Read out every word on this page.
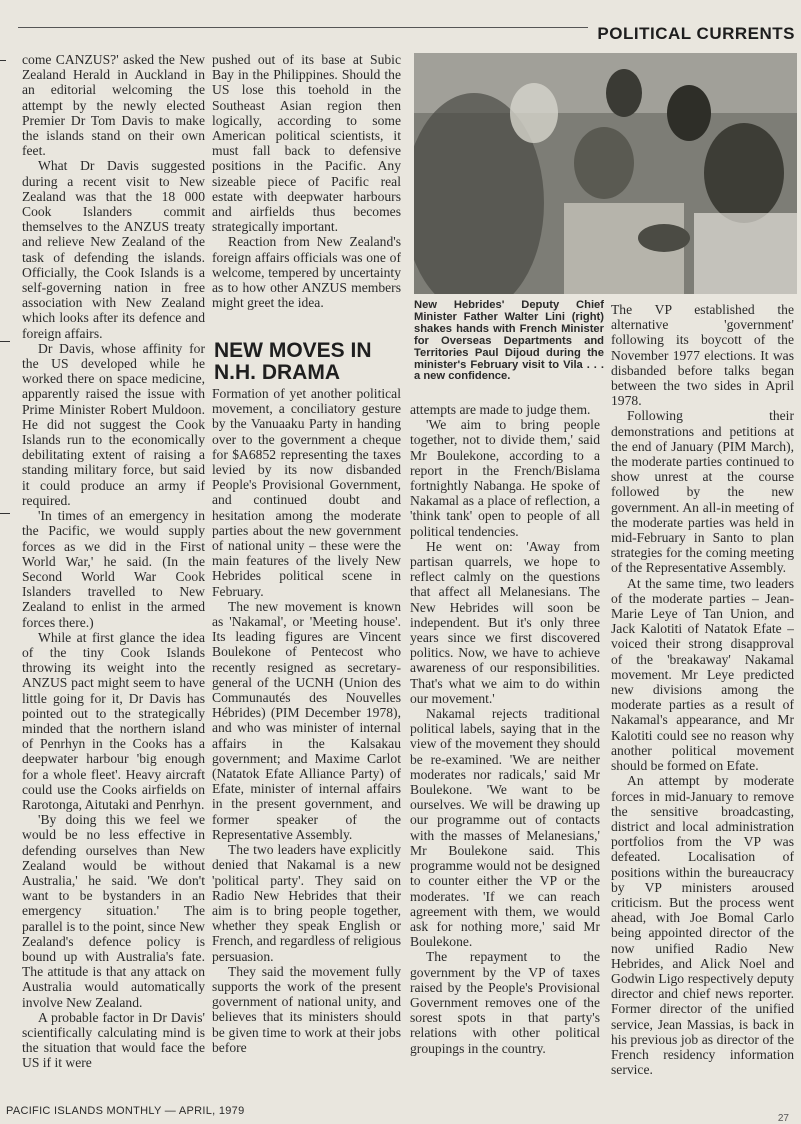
POLITICAL CURRENTS

come CANZUS?' asked the New Zealand Herald in Auckland in an editorial welcoming the attempt by the newly elected Premier Dr Tom Davis to make the islands stand on their own feet.

What Dr Davis suggested during a recent visit to New Zealand was that the 18 000 Cook Islanders commit themselves to the ANZUS treaty and relieve New Zealand of the task of defending the islands. Officially, the Cook Islands is a self-governing nation in free association with New Zealand which looks after its defence and foreign affairs.

Dr Davis, whose affinity for the US developed while he worked there on space medicine, apparently raised the issue with Prime Minister Robert Muldoon. He did not suggest the Cook Islands run to the economically debilitating extent of raising a standing military force, but said it could produce an army if required.

'In times of an emergency in the Pacific, we would supply forces as we did in the First World War,' he said. (In the Second World War Cook Islanders travelled to New Zealand to enlist in the armed forces there.)

While at first glance the idea of the tiny Cook Islands throwing its weight into the ANZUS pact might seem to have little going for it, Dr Davis has pointed out to the strategically minded that the northern island of Penrhyn in the Cooks has a deepwater harbour 'big enough for a whole fleet'. Heavy aircraft could use the Cooks airfields on Rarotonga, Aitutaki and Penrhyn.

'By doing this we feel we would be no less effective in defending ourselves than New Zealand would be without Australia,' he said. 'We don't want to be bystanders in an emergency situation.' The parallel is to the point, since New Zealand's defence policy is bound up with Australia's fate. The attitude is that any attack on Australia would automatically involve New Zealand.

A probable factor in Dr Davis' scientifically calculating mind is the situation that would face the US if it were

pushed out of its base at Subic Bay in the Philippines. Should the US lose this toehold in the Southeast Asian region then logically, according to some American political scientists, it must fall back to defensive positions in the Pacific. Any sizeable piece of Pacific real estate with deepwater harbours and airfields thus becomes strategically important.

Reaction from New Zealand's foreign affairs officials was one of welcome, tempered by uncertainty as to how other ANZUS members might greet the idea.

NEW MOVES IN N.H. DRAMA

Formation of yet another political movement, a conciliatory gesture by the Vanuaaku Party in handing over to the government a cheque for $A6852 representing the taxes levied by its now disbanded People's Provisional Government, and continued doubt and hesitation among the moderate parties about the new government of national unity – these were the main features of the lively New Hebrides political scene in February.

The new movement is known as 'Nakamal', or 'Meeting house'. Its leading figures are Vincent Boulekone of Pentecost who recently resigned as secretary-general of the UCNH (Union des Communautés des Nouvelles Hébrides) (PIM December 1978), and who was minister of internal affairs in the Kalsakau government; and Maxime Carlot (Natatok Efate Alliance Party) of Efate, minister of internal affairs in the present government, and former speaker of the Representative Assembly.

The two leaders have explicitly denied that Nakamal is a new 'political party'. They said on Radio New Hebrides that their aim is to bring people together, whether they speak English or French, and regardless of religious persuasion.

They said the movement fully supports the work of the present government of national unity, and believes that its ministers should be given time to work at their jobs before

New Hebrides' Deputy Chief Minister Father Walter Lini (right) shakes hands with French Minister for Overseas Departments and Territories Paul Dijoud during the minister's February visit to Vila . . . a new confidence.

attempts are made to judge them.

'We aim to bring people together, not to divide them,' said Mr Boulekone, according to a report in the French/Bislama fortnightly Nabanga. He spoke of Nakamal as a place of reflection, a 'think tank' open to people of all political tendencies.

He went on: 'Away from partisan quarrels, we hope to reflect calmly on the questions that affect all Melanesians. The New Hebrides will soon be independent. But it's only three years since we first discovered politics. Now, we have to achieve awareness of our responsibilities. That's what we aim to do within our movement.'

Nakamal rejects traditional political labels, saying that in the view of the movement they should be re-examined. 'We are neither moderates nor radicals,' said Mr Boulekone. 'We want to be ourselves. We will be drawing up our programme out of contacts with the masses of Melanesians,' Mr Boulekone said. This programme would not be designed to counter either the VP or the moderates. 'If we can reach agreement with them, we would ask for nothing more,' said Mr Boulekone.

The repayment to the government by the VP of taxes raised by the People's Provisional Government removes one of the sorest spots in that party's relations with other political groupings in the country.

The VP established the alternative 'government' following its boycott of the November 1977 elections. It was disbanded before talks began between the two sides in April 1978.

Following their demonstrations and petitions at the end of January (PIM March), the moderate parties continued to show unrest at the course followed by the new government. An all-in meeting of the moderate parties was held in mid-February in Santo to plan strategies for the coming meeting of the Representative Assembly.

At the same time, two leaders of the moderate parties – Jean-Marie Leye of Tan Union, and Jack Kalotiti of Natatok Efate – voiced their strong disapproval of the 'breakaway' Nakamal movement. Mr Leye predicted new divisions among the moderate parties as a result of Nakamal's appearance, and Mr Kalotiti could see no reason why another political movement should be formed on Efate.

An attempt by moderate forces in mid-January to remove the sensitive broadcasting, district and local administration portfolios from the VP was defeated. Localisation of positions within the bureaucracy by VP ministers aroused criticism. But the process went ahead, with Joe Bomal Carlo being appointed director of the now unified Radio New Hebrides, and Alick Noel and Godwin Ligo respectively deputy director and chief news reporter. Former director of the unified service, Jean Massias, is back in his previous job as director of the French residency information service.

PACIFIC ISLANDS MONTHLY — APRIL, 1979
27
